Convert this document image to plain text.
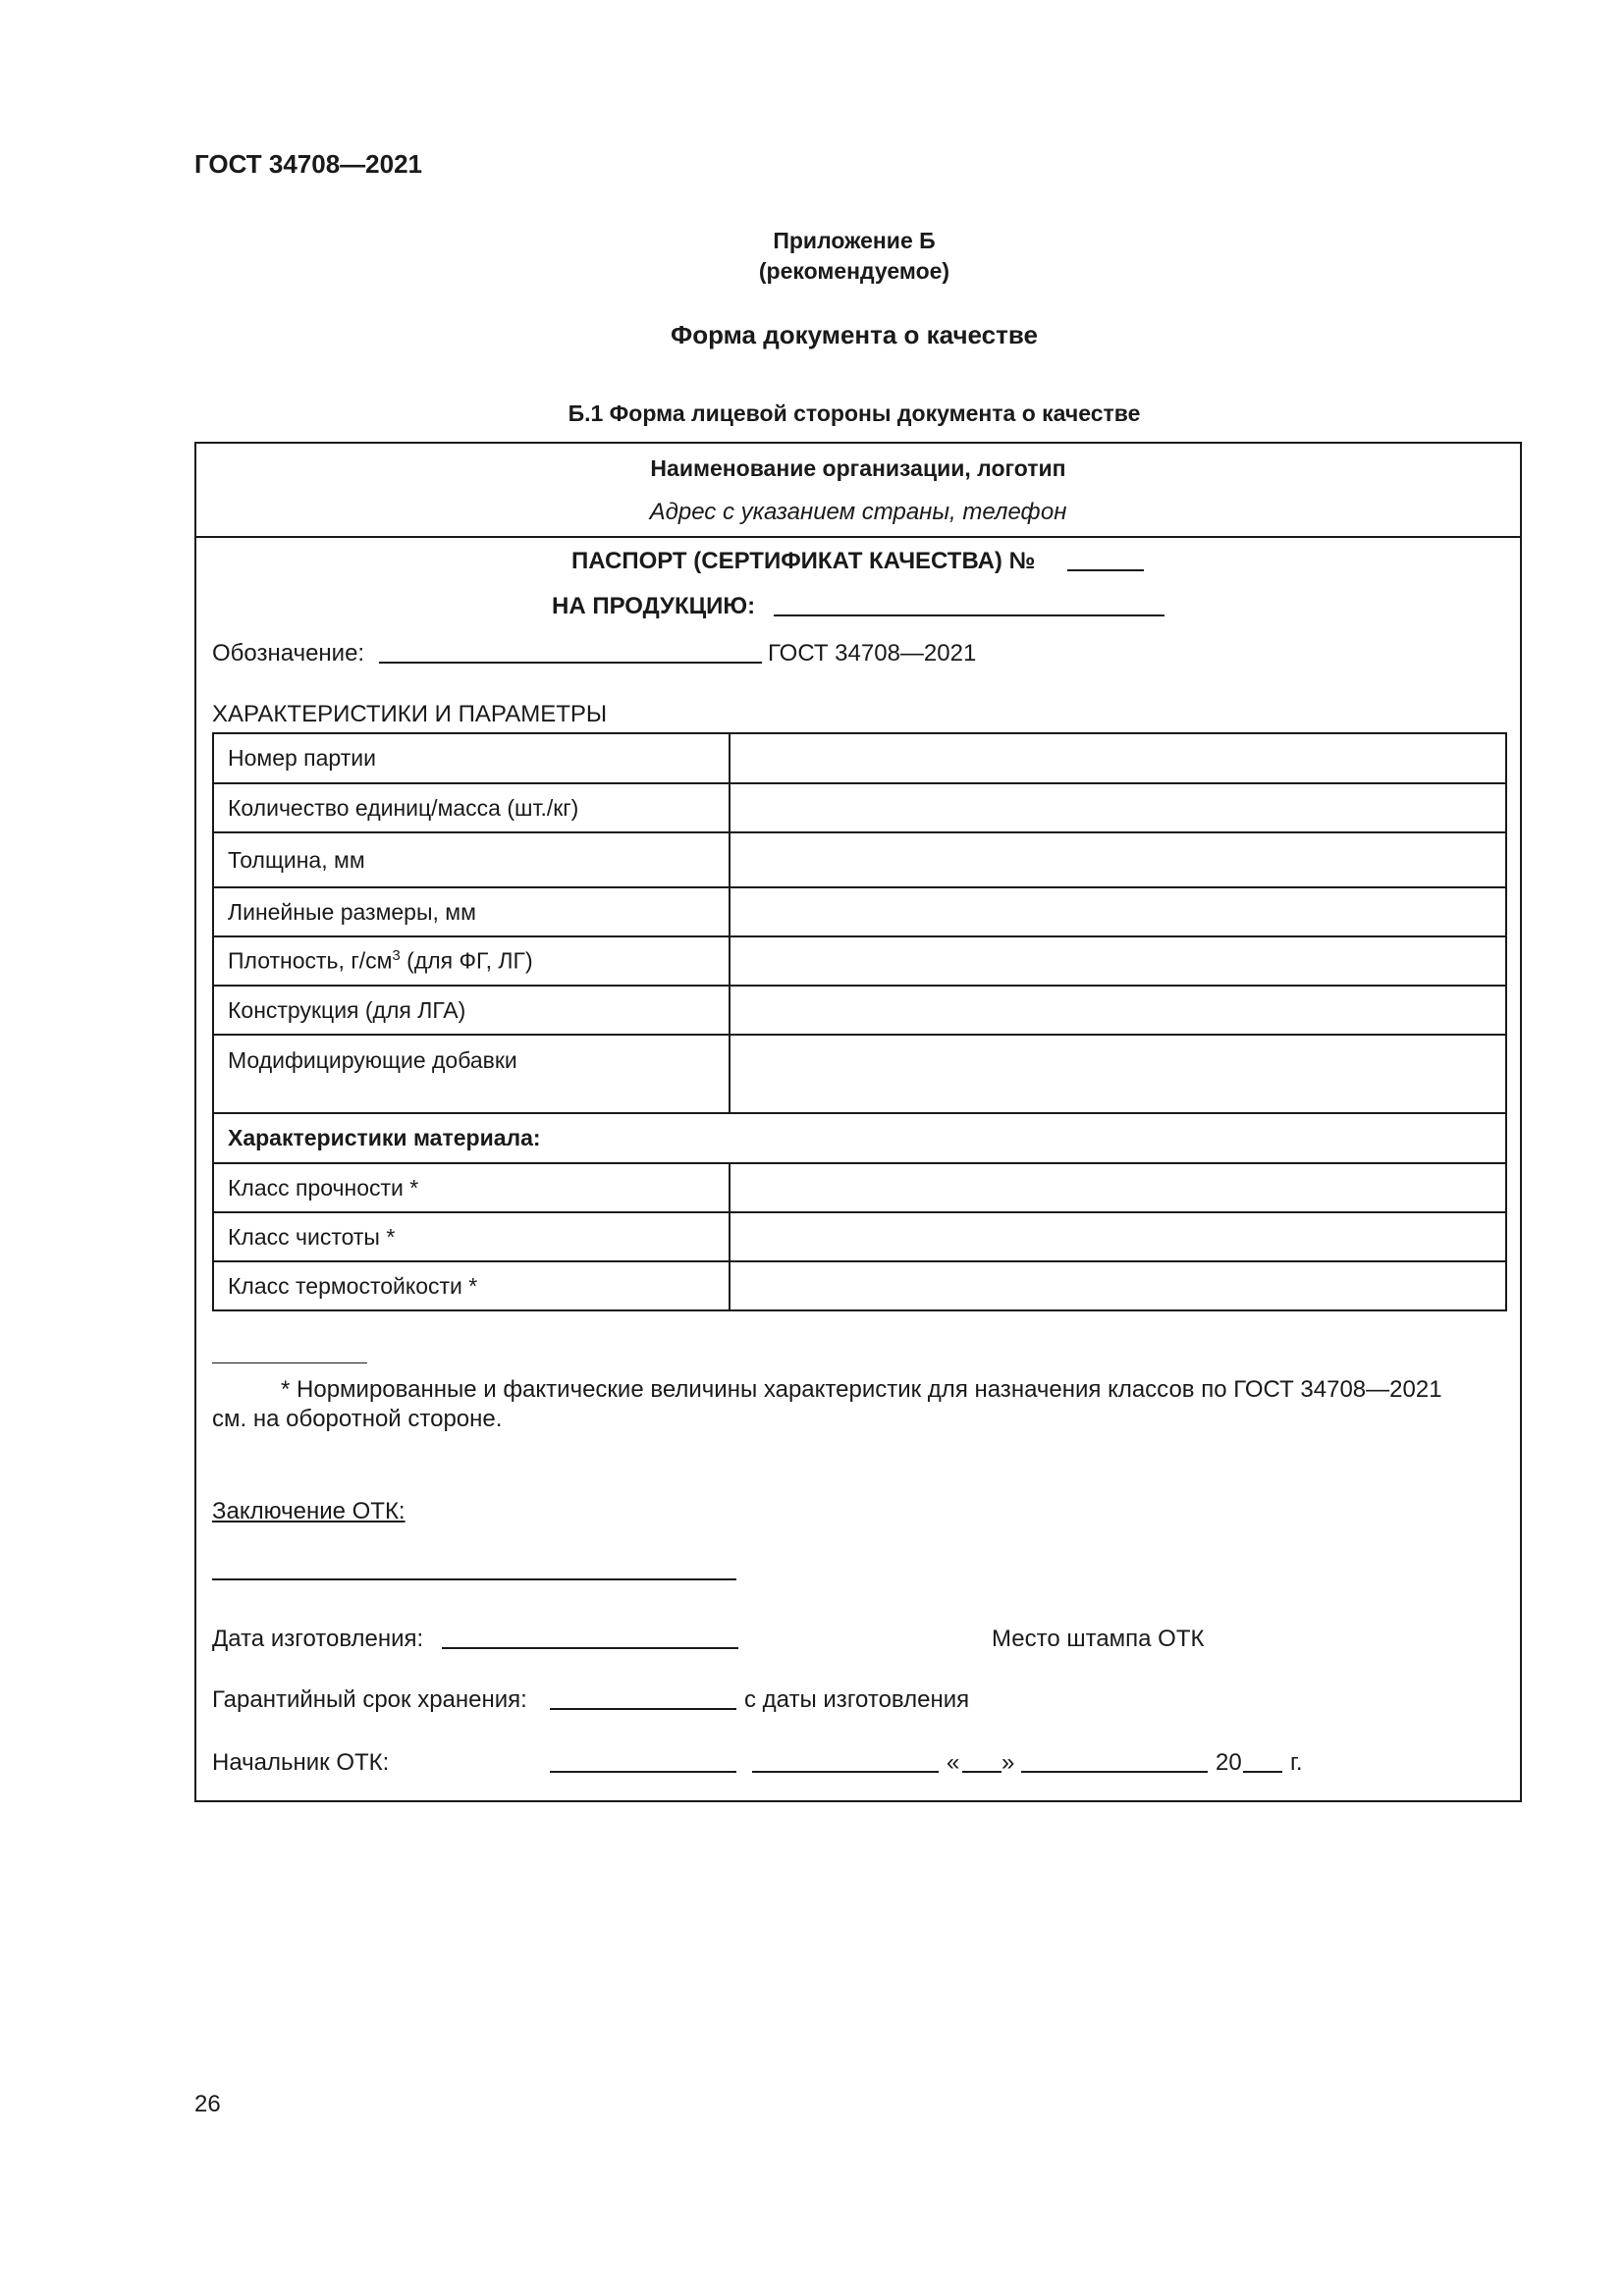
ГОСТ 34708—2021
Приложение Б
(рекомендуемое)
Форма документа о качестве
Б.1 Форма лицевой стороны документа о качестве
Наименование организации, логотип
Адрес с указанием страны, телефон
ПАСПОРТ (СЕРТИФИКАТ КАЧЕСТВА) №
НА ПРОДУКЦИЮ:
Обозначение:	ГОСТ 34708—2021
ХАРАКТЕРИСТИКИ И ПАРАМЕТРЫ
Номер партии	
Количество единиц/масса (шт./кг)	
Толщина, мм	
Линейные размеры, мм	
Плотность, $г/см^3$ (для ФГ, ЛГ)	
Конструкция (для ЛГА)	
Модифицирующие добавки	
Характеристики материала:	
Класс прочности *	
Класс чистоты *	
Класс термостойкости *	
* Нормированные и фактические величины характеристик для назначения классов по ГОСТ 34708—2021
см. на оборотной стороне.
Заключение ОТК:
Дата изготовления:	Место штампа ОТК
Гарантийный срок хранения:	с даты изготовления
Начальник ОТК:	« »	20 г.
26
